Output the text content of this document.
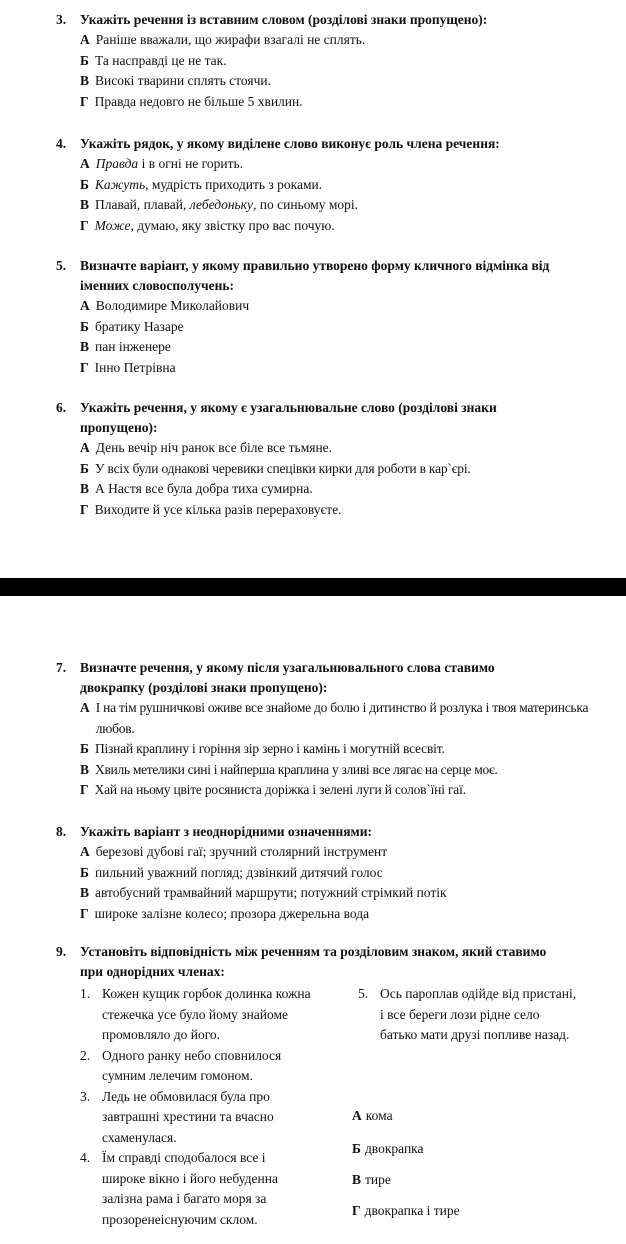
3.	Укажіть речення із вставним словом (розділові знаки пропущено):
А Раніше вважали, що жирафи взагалі не сплять.
Б Та насправді це не так.
В Високі тварини сплять стоячи.
Г Правда недовго не більше 5 хвилин.
4.	Укажіть рядок, у якому виділене слово виконує роль члена речення:
А Правда і в огні не горить.
Б Кажуть, мудрість приходить з роками.
В Плавай, плавай, лебедоньку, по синьому морі.
Г Може, думаю, яку звістку про вас почую.
5.	Визначте варіант, у якому правильно утворено форму кличного відмінка від іменних словосполучень:
А Володимире Миколайович
Б братику Назаре
В пан інженере
Г Інно Петрівна
6.	Укажіть речення, у якому є узагальнювальне слово (розділові знаки пропущено):
А День вечір ніч ранок все біле все тьмяне.
Б У всіх були однакові черевики спецівки кирки для роботи в кар`єрі.
В А Настя все була добра тиха сумирна.
Г Виходите й усе кілька разів перераховуєте.
7.	Визначте речення, у якому після узагальнювального слова ставимо двокрапку (розділові знаки пропущено):
А І на тім рушничкові оживе все знайоме до болю і дитинство й розлука і твоя материнська любов.
Б Пізнай краплину і горіння зір зерно і камінь і могутній всесвіт.
В Хвиль метелики сині і найперша краплина у зливі все лягає на серце моє.
Г Хай на ньому цвіте росяниста доріжка і зелені луги й солов`їні гаї.
8.	Укажіть варіант з неоднорідними означеннями:
А березові дубові гаї; зручний столярний інструмент
Б пильний уважний погляд; дзвінкий дитячий голос
В автобусний трамвайний маршрути; потужний стрімкий потік
Г широке залізне колесо; прозора джерельна вода
9.	Установіть відповідність між реченням та розділовим знаком, який ставимо при однорідних членах:
1. Кожен кущик горбок долинка кожна стежечка усе було йому знайоме промовляло до його.
2. Одного ранку небо сповнилося сумним лелечим гомоном.
3. Ледь не обмовилася була про завтрашні хрестини та вчасно схаменулася.
4. Їм справді сподобалося все і широке вікно і його небуденна залізна рама і багато моря за прозоренеіснуючим склом.
5. Ось пароплав одійде від пристані, і все береги лози рідне село батько мати друзі попливе назад.
А кома
Б двокрапка
В тире
Г двокрапка і тире
